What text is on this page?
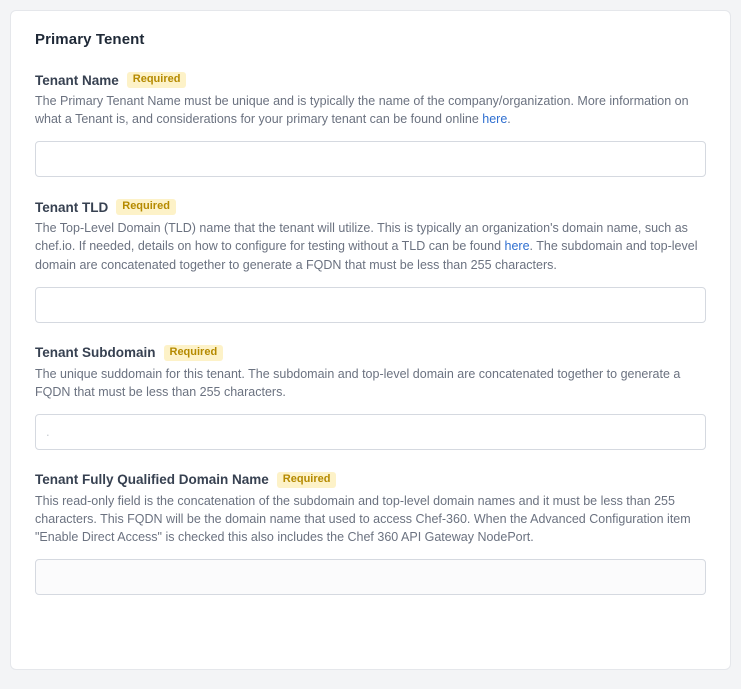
Primary Tenent
Tenant Name	Required

The Primary Tenant Name must be unique and is typically the name of the company/organization. More information on what a Tenant is, and considerations for your primary tenant can be found online here.

Tenant TLD	Required

The Top-Level Domain (TLD) name that the tenant will utilize. This is typically an organization's domain name, such as chef.io. If needed, details on how to configure for testing without a TLD can be found here. The subdomain and top-level domain are concatenated together to generate a FQDN that must be less than 255 characters.

Tenant Subdomain	Required

The unique suddomain for this tenant. The subdomain and top-level domain are concatenated together to generate a FQDN that must be less than 255 characters.

.
Tenant Fully Qualified Domain Name	Required

This read-only field is the concatenation of the subdomain and top-level domain names and it must be less than 255 characters. This FQDN will be the domain name that used to access Chef-360. When the Advanced Configuration item "Enable Direct Access" is checked this also includes the Chef 360 API Gateway NodePort.
